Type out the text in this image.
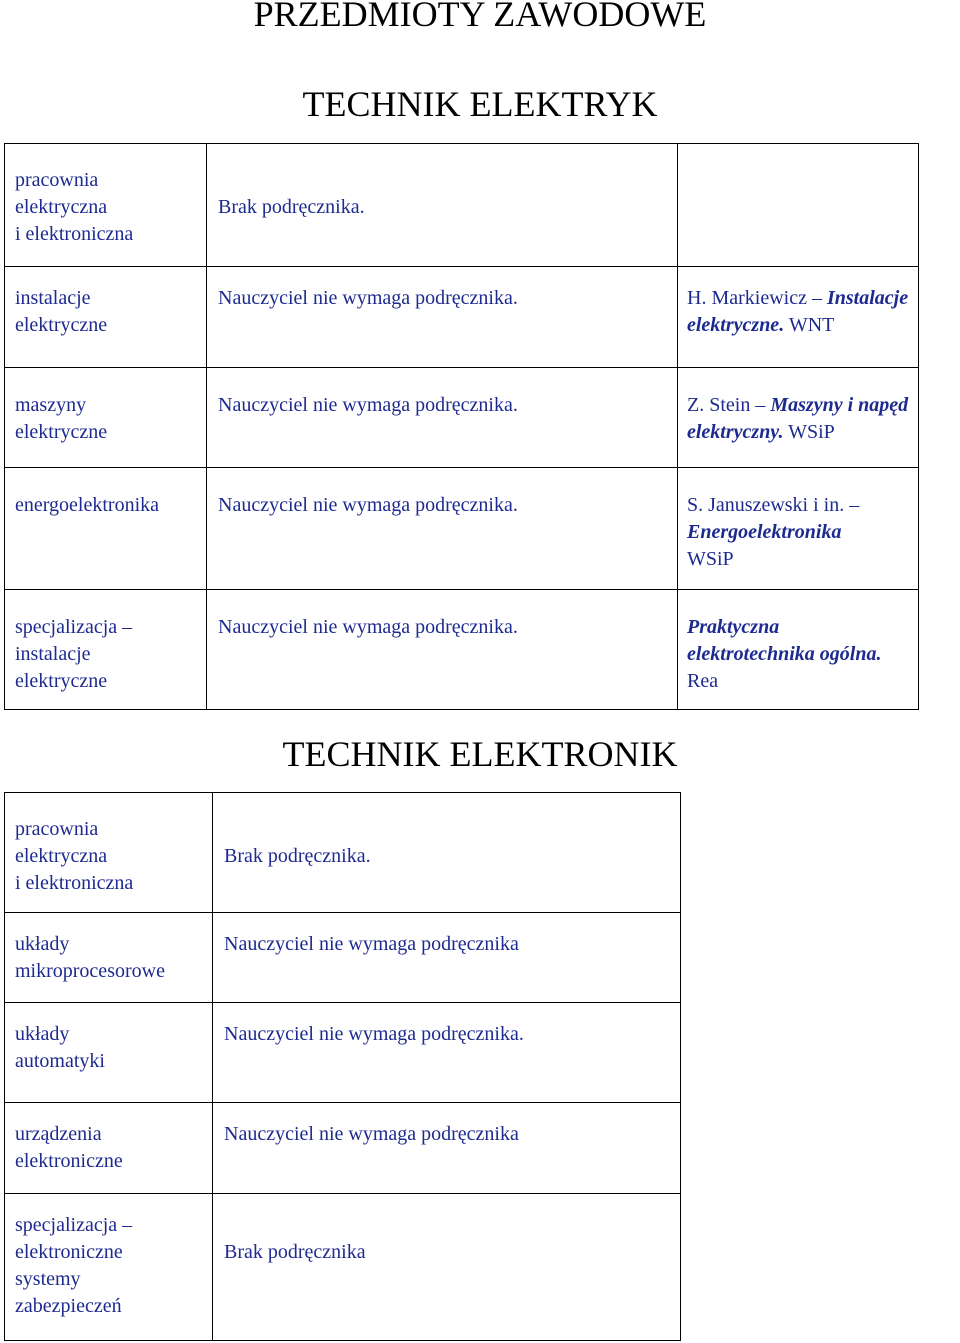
PRZEDMIOTY ZAWODOWE
TECHNIK ELEKTRYK
pracownia
elektryczna
i elektroniczna	Brak podręcznika.	

instalacje
elektryczne	Nauczyciel nie wymaga podręcznika.	H. Markiewicz – Instalacje
elektryczne. WNT

maszyny
elektryczne	Nauczyciel nie wymaga podręcznika.	Z. Stein – Maszyny i napęd
elektryczny. WSiP

energoelektronika	Nauczyciel nie wymaga podręcznika.	S. Januszewski i in. –
Energoelektronika
WSiP

specjalizacja –
instalacje
elektryczne	Nauczyciel nie wymaga podręcznika.	Praktyczna
elektrotechnika ogólna.
Rea
TECHNIK ELEKTRONIK
pracownia
elektryczna
i elektroniczna	Brak podręcznika.

układy
mikroprocesorowe	Nauczyciel nie wymaga podręcznika

układy
automatyki	Nauczyciel nie wymaga podręcznika.

urządzenia
elektroniczne	Nauczyciel nie wymaga podręcznika

specjalizacja –
elektroniczne
systemy
zabezpieczeń	Brak podręcznika
